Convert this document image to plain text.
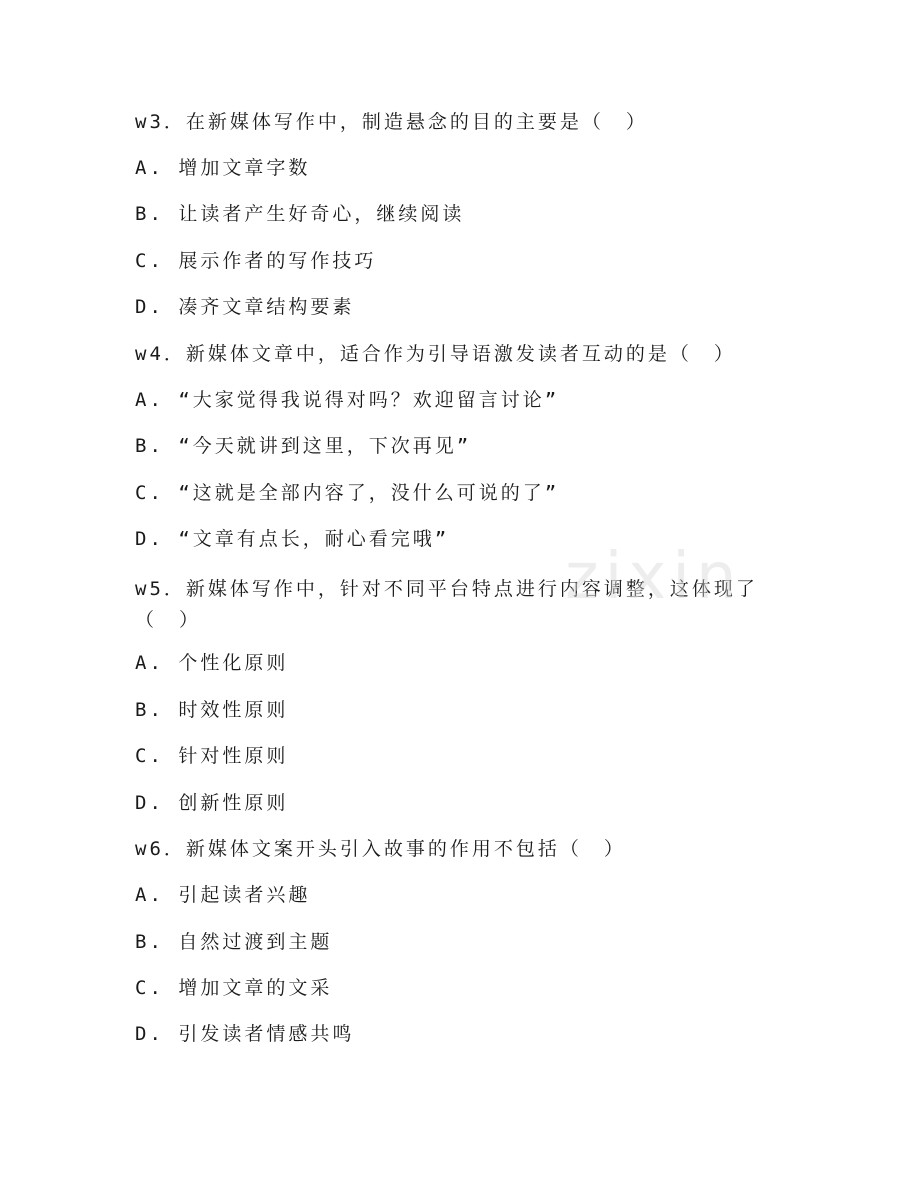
w3．在新媒体写作中，制造悬念的目的主要是（　）
A. 增加文章字数
B. 让读者产生好奇心，继续阅读
C. 展示作者的写作技巧
D. 凑齐文章结构要素
w4．新媒体文章中，适合作为引导语激发读者互动的是（　）
A. “大家觉得我说得对吗？欢迎留言讨论”
B. “今天就讲到这里，下次再见”
C. “这就是全部内容了，没什么可说的了”
D. “文章有点长，耐心看完哦”
w5．新媒体写作中，针对不同平台特点进行内容调整，这体现了（　）
A. 个性化原则
B. 时效性原则
C. 针对性原则
D. 创新性原则
w6．新媒体文案开头引入故事的作用不包括（　）
A. 引起读者兴趣
B. 自然过渡到主题
C. 增加文章的文采
D. 引发读者情感共鸣
zixin
